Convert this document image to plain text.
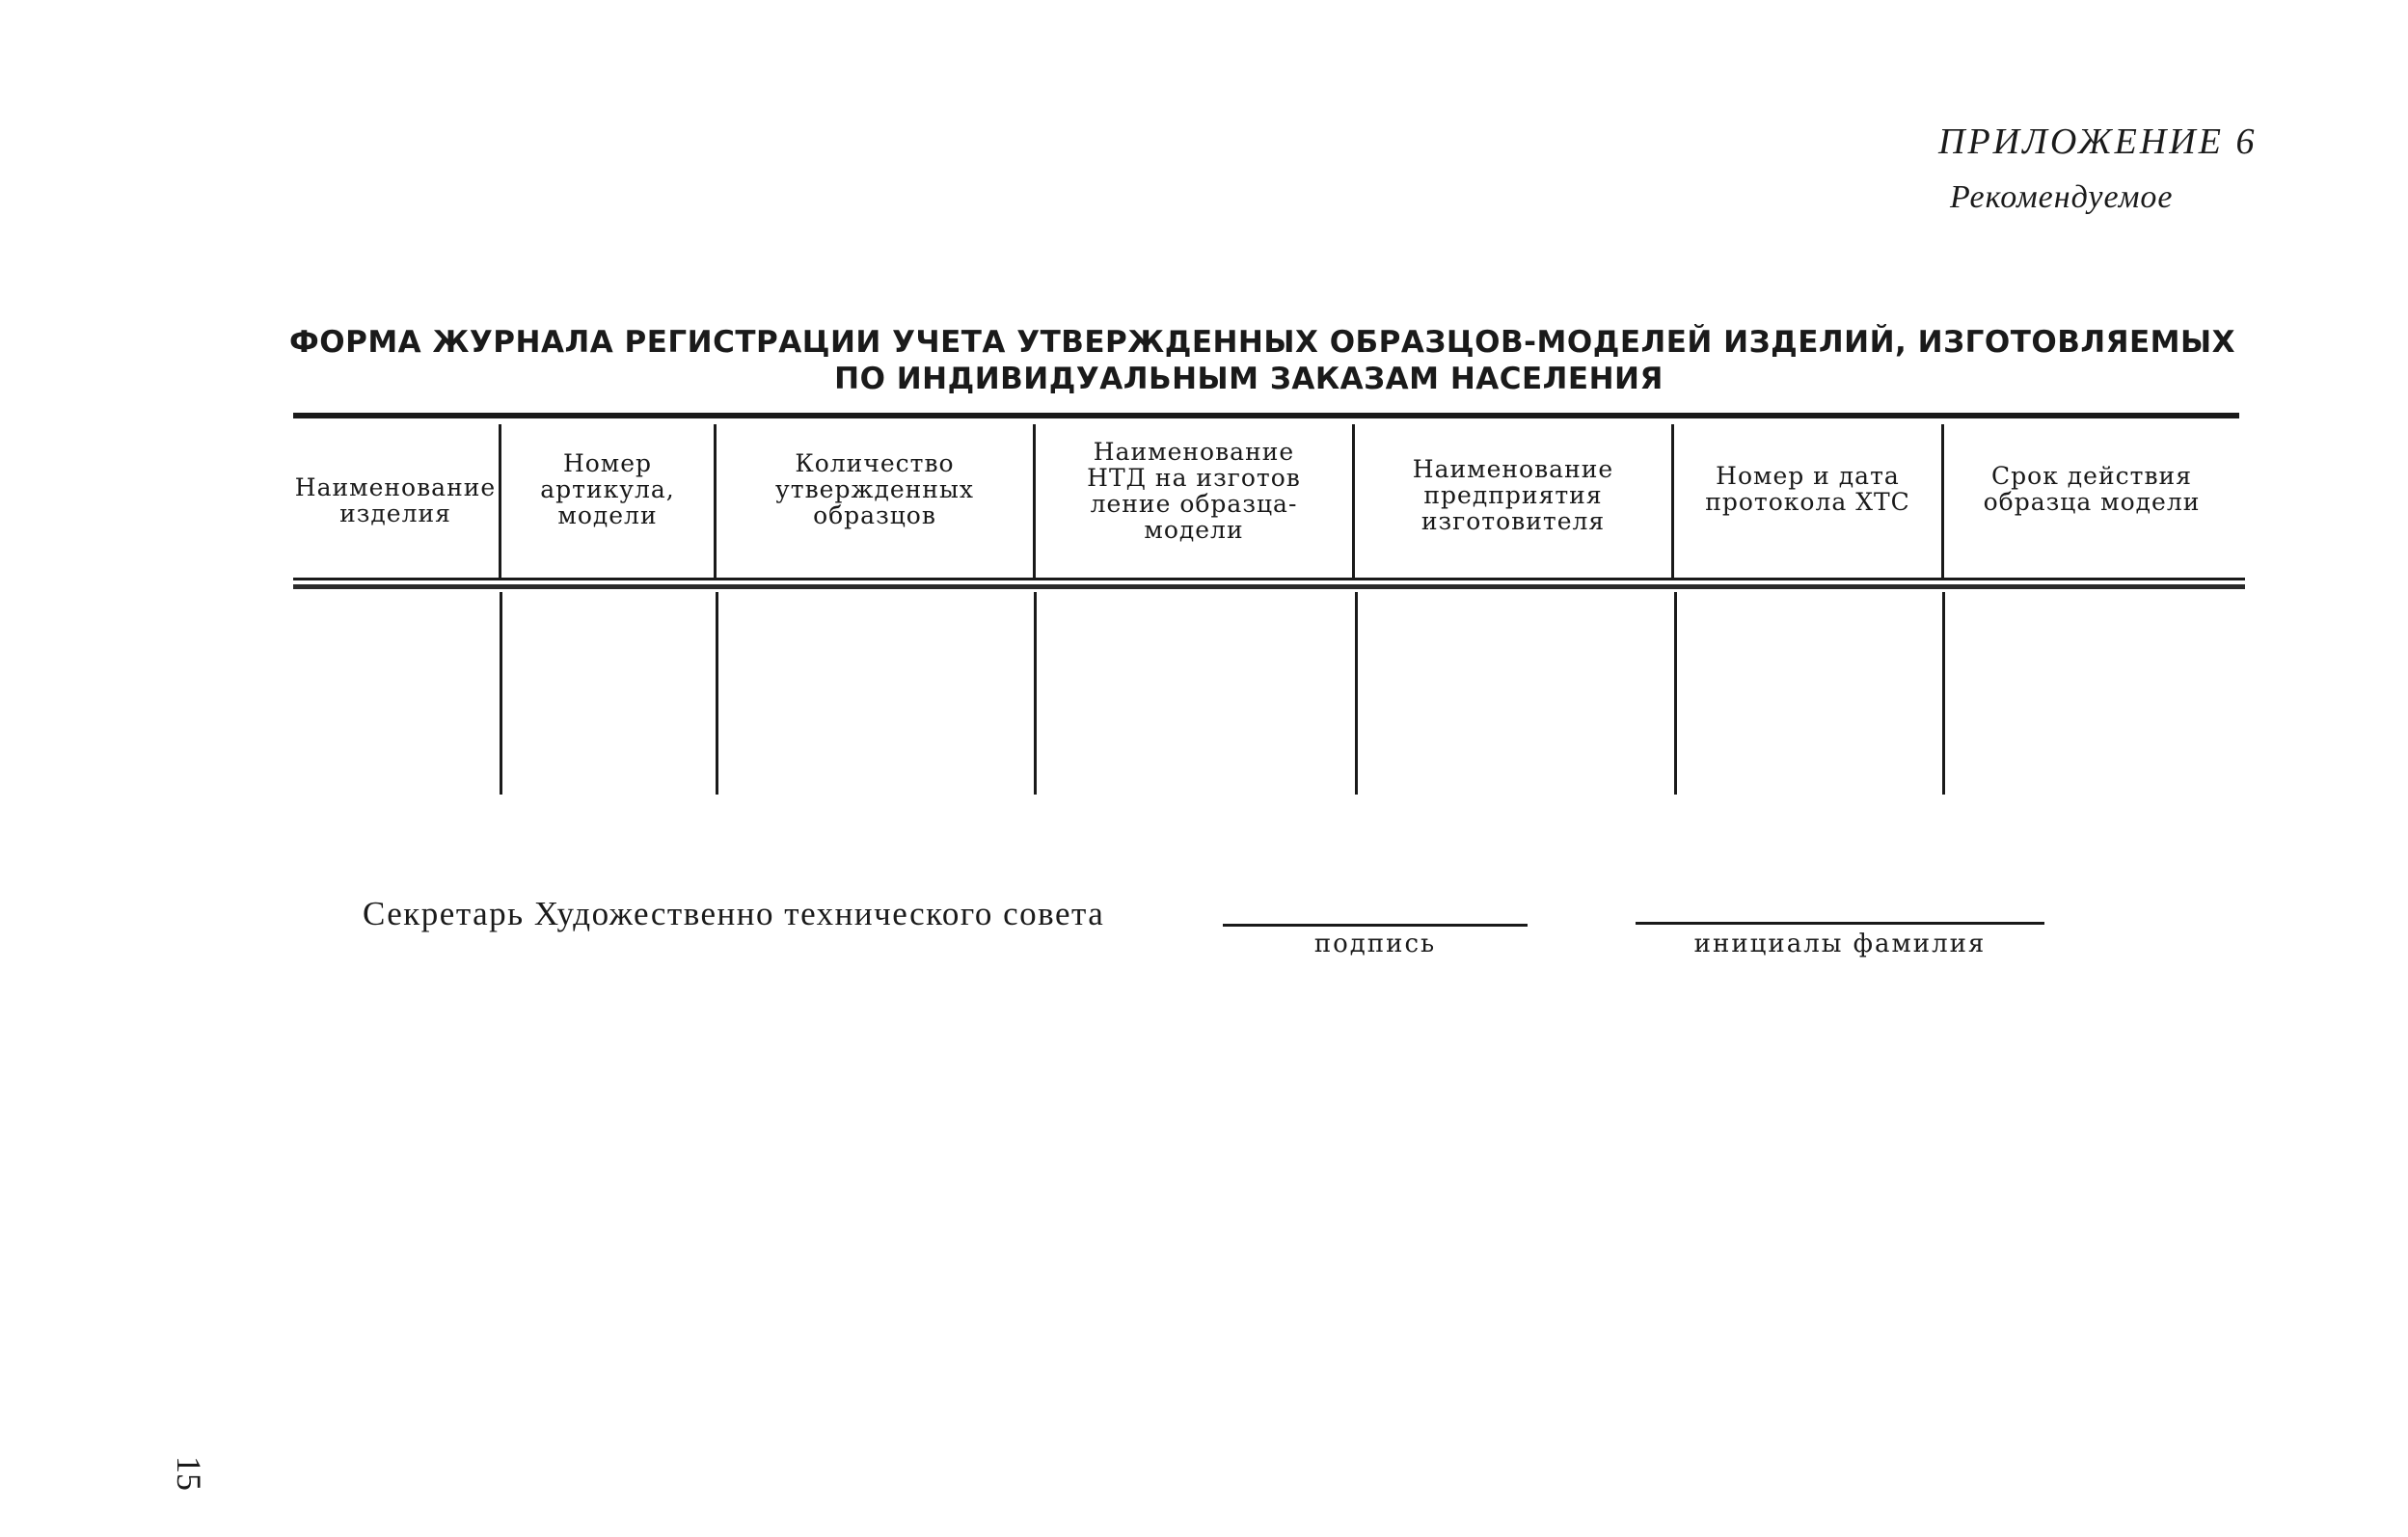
ПРИЛОЖЕНИЕ 6
Рекомендуемое
ФОРМА ЖУРНАЛА РЕГИСТРАЦИИ УЧЕТА УТВЕРЖДЕННЫХ ОБРАЗЦОВ-МОДЕЛЕЙ ИЗДЕЛИЙ, ИЗГОТОВЛЯЕМЫХ
ПО ИНДИВИДУАЛЬНЫМ ЗАКАЗАМ НАСЕЛЕНИЯ
Наименование
изделия
Номер
артикула,
модели
Количество
утвержденных
образцов
Наименование
НТД на изготов
ление образца-
модели
Наименование
предприятия
изготовителя
Номер и дата
протокола ХТС
Срок действия
образца модели
Секретарь Художественно технического совета
подпись	инициалы фамилия
15
